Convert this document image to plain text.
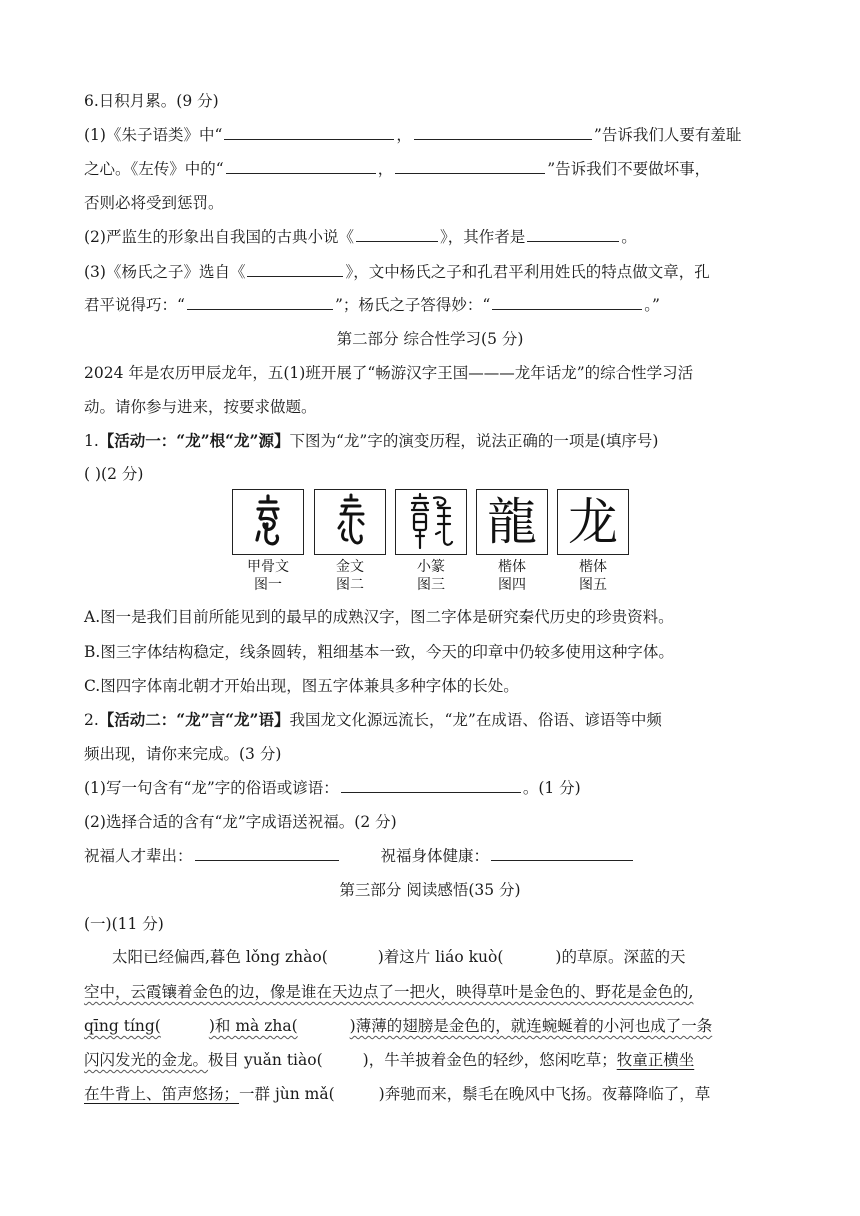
6.日积月累。(9 分)
(1)《朱子语类》中“	，	”告诉我们人要有羞耻
之心。《左传》中的“	，	”告诉我们不要做坏事，
否则必将受到惩罚。
(2)严监生的形象出自我国的古典小说《	》，其作者是	。
(3)《杨氏之子》选自《	》，文中杨氏之子和孔君平利用姓氏的特点做文章，孔
君平说得巧：“	”；杨氏之子答得妙：“	。”
第二部分 综合性学习(5 分)
2024 年是农历甲辰龙年，五(1)班开展了“畅游汉字王国———龙年话龙”的综合性学习活
动。请你参与进来，按要求做题。
1.【活动一：“龙”根“龙”源】下图为“龙”字的演变历程，说法正确的一项是(填序号)
( )(2 分)
甲骨文
图一
金文
图二
小篆
图三
龍
楷体
图四
龙
楷体
图五
A.图一是我们目前所能见到的最早的成熟汉字，图二字体是研究秦代历史的珍贵资料。
B.图三字体结构稳定，线条圆转，粗细基本一致，今天的印章中仍较多使用这种字体。
C.图四字体南北朝才开始出现，图五字体兼具多种字体的长处。
2.【活动二：“龙”言“龙”语】我国龙文化源远流长，“龙”在成语、俗语、谚语等中频
频出现，请你来完成。(3 分)
(1)写一句含有“龙”字的俗语或谚语：	。(1 分)
(2)选择合适的含有“龙”字成语送祝福。(2 分)
祝福人才辈出：	祝福身体健康：
第三部分 阅读感悟(35 分)
(一)(11 分)
太阳已经偏西,暮色 lǒng zhào(	)着这片 liáo kuò(	)的草原。深蓝的天
空中，云霞镶着金色的边，像是谁在天边点了一把火，映得草叶是金色的、野花是金色的,
qīng tíng(	)和 mà zha(	)薄薄的翅膀是金色的，就连蜿蜒着的小河也成了一条
闪闪发光的金龙。极目 yuǎn tiào(	)，牛羊披着金色的轻纱，悠闲吃草；牧童正横坐
在牛背上、笛声悠扬；一群 jùn mǎ(	)奔驰而来，鬃毛在晚风中飞扬。夜幕降临了，草
